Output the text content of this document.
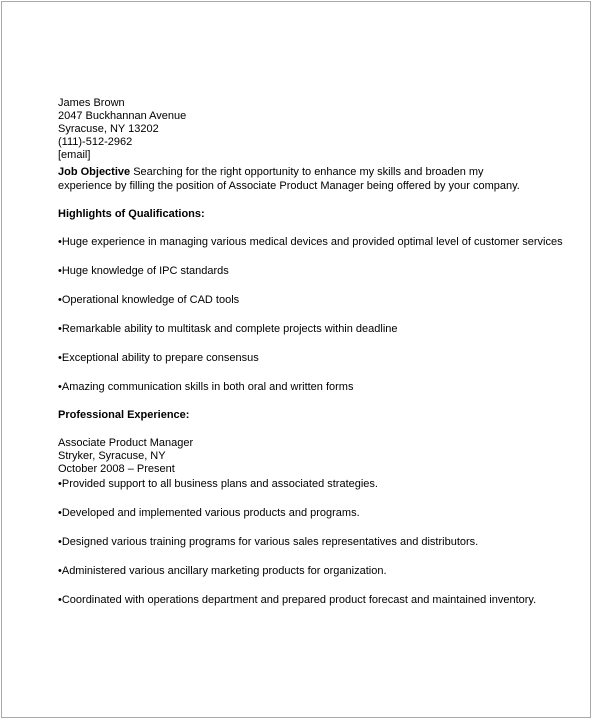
James Brown
2047 Buckhannan Avenue
Syracuse, NY 13202
(111)-512-2962
[email]
Job Objective Searching for the right opportunity to enhance my skills and broaden my experience by filling the position of Associate Product Manager being offered by your company.
Highlights of Qualifications:
•Huge experience in managing various medical devices and provided optimal level of customer services
•Huge knowledge of IPC standards
•Operational knowledge of CAD tools
•Remarkable ability to multitask and complete projects within deadline
•Exceptional ability to prepare consensus
•Amazing communication skills in both oral and written forms
Professional Experience:
Associate Product Manager
Stryker, Syracuse, NY
October 2008 – Present
•Provided support to all business plans and associated strategies.
•Developed and implemented various products and programs.
•Designed various training programs for various sales representatives and distributors.
•Administered various ancillary marketing products for organization.
•Coordinated with operations department and prepared product forecast and maintained inventory.
